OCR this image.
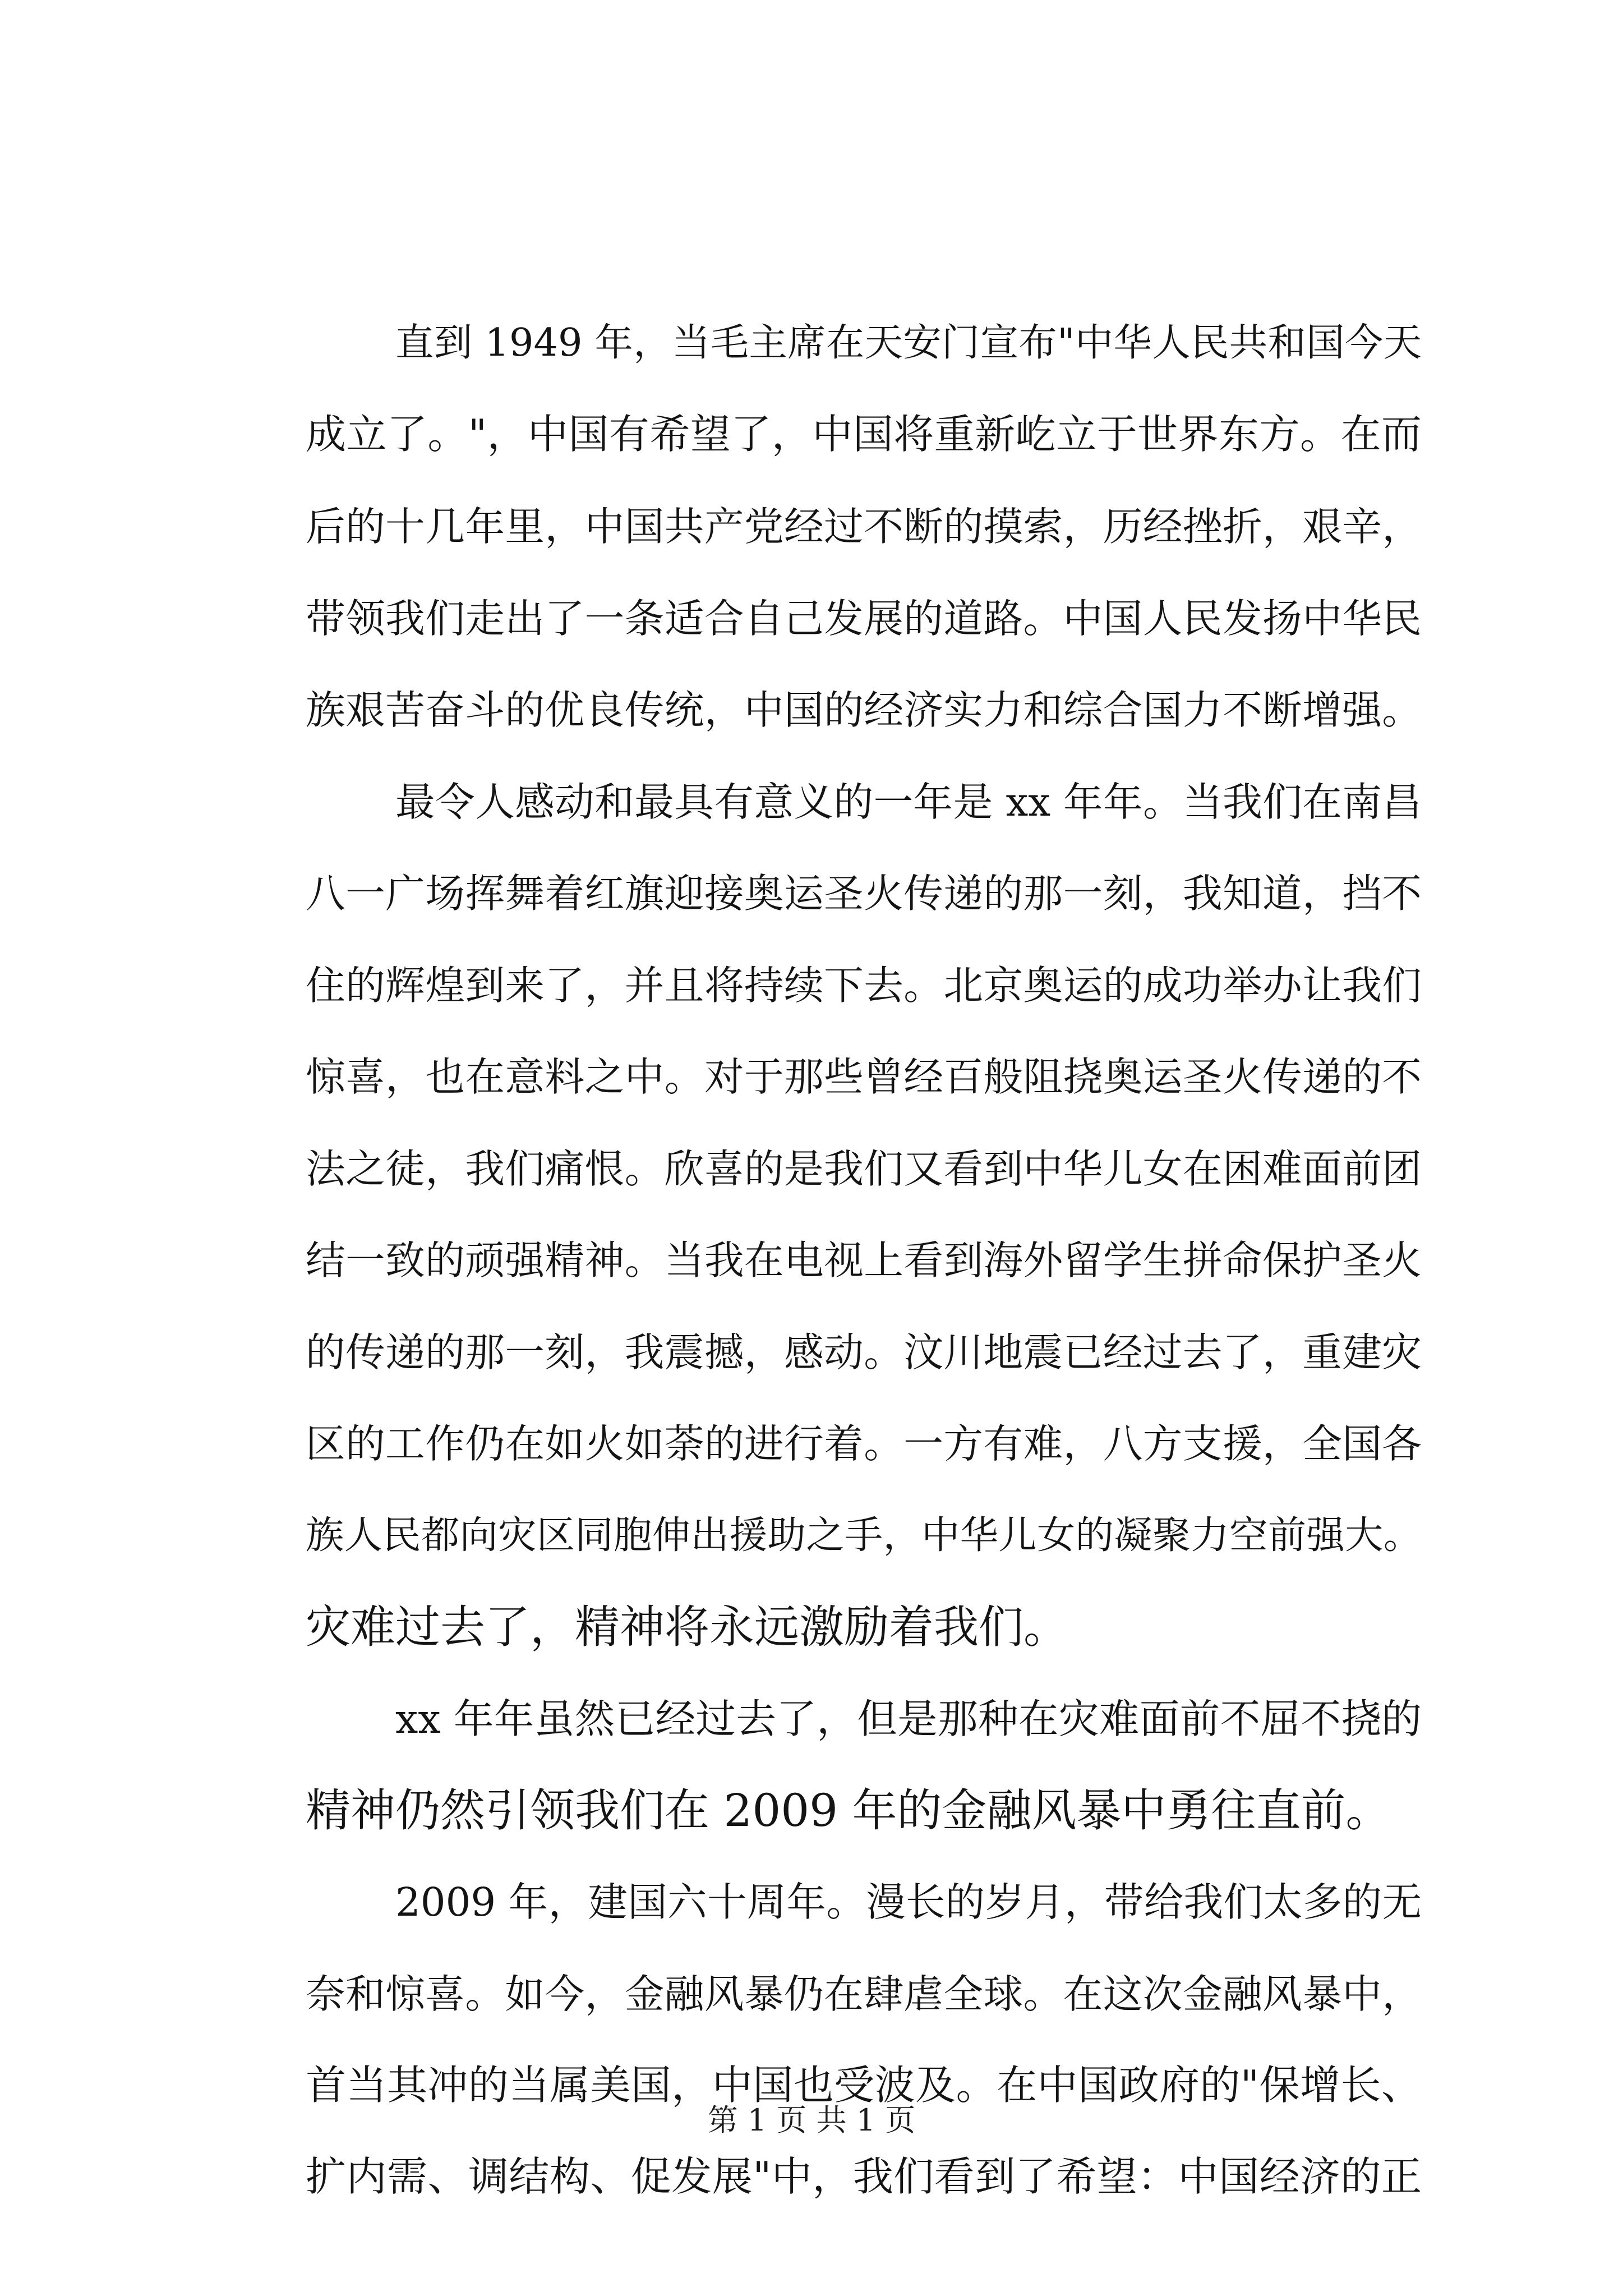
直到 1949 年，当毛主席在天安门宣布"中华人民共和国今天
成立了。"，中国有希望了，中国将重新屹立于世界东方。在而
后的十几年里，中国共产党经过不断的摸索，历经挫折，艰辛，
带领我们走出了一条适合自己发展的道路。中国人民发扬中华民
族艰苦奋斗的优良传统，中国的经济实力和综合国力不断增强。
最令人感动和最具有意义的一年是 xx 年年。当我们在南昌
八一广场挥舞着红旗迎接奥运圣火传递的那一刻，我知道，挡不
住的辉煌到来了，并且将持续下去。北京奥运的成功举办让我们
惊喜，也在意料之中。对于那些曾经百般阻挠奥运圣火传递的不
法之徒，我们痛恨。欣喜的是我们又看到中华儿女在困难面前团
结一致的顽强精神。当我在电视上看到海外留学生拼命保护圣火
的传递的那一刻，我震撼，感动。汶川地震已经过去了，重建灾
区的工作仍在如火如荼的进行着。一方有难，八方支援，全国各
族人民都向灾区同胞伸出援助之手，中华儿女的凝聚力空前强大。
灾难过去了，精神将永远激励着我们。
xx 年年虽然已经过去了，但是那种在灾难面前不屈不挠的
精神仍然引领我们在 2009 年的金融风暴中勇往直前。
2009 年，建国六十周年。漫长的岁月，带给我们太多的无
奈和惊喜。如今，金融风暴仍在肆虐全球。在这次金融风暴中，
首当其冲的当属美国，中国也受波及。在中国政府的"保增长、
扩内需、调结构、促发展"中，我们看到了希望：中国经济的正
第 1 页 共 1 页
